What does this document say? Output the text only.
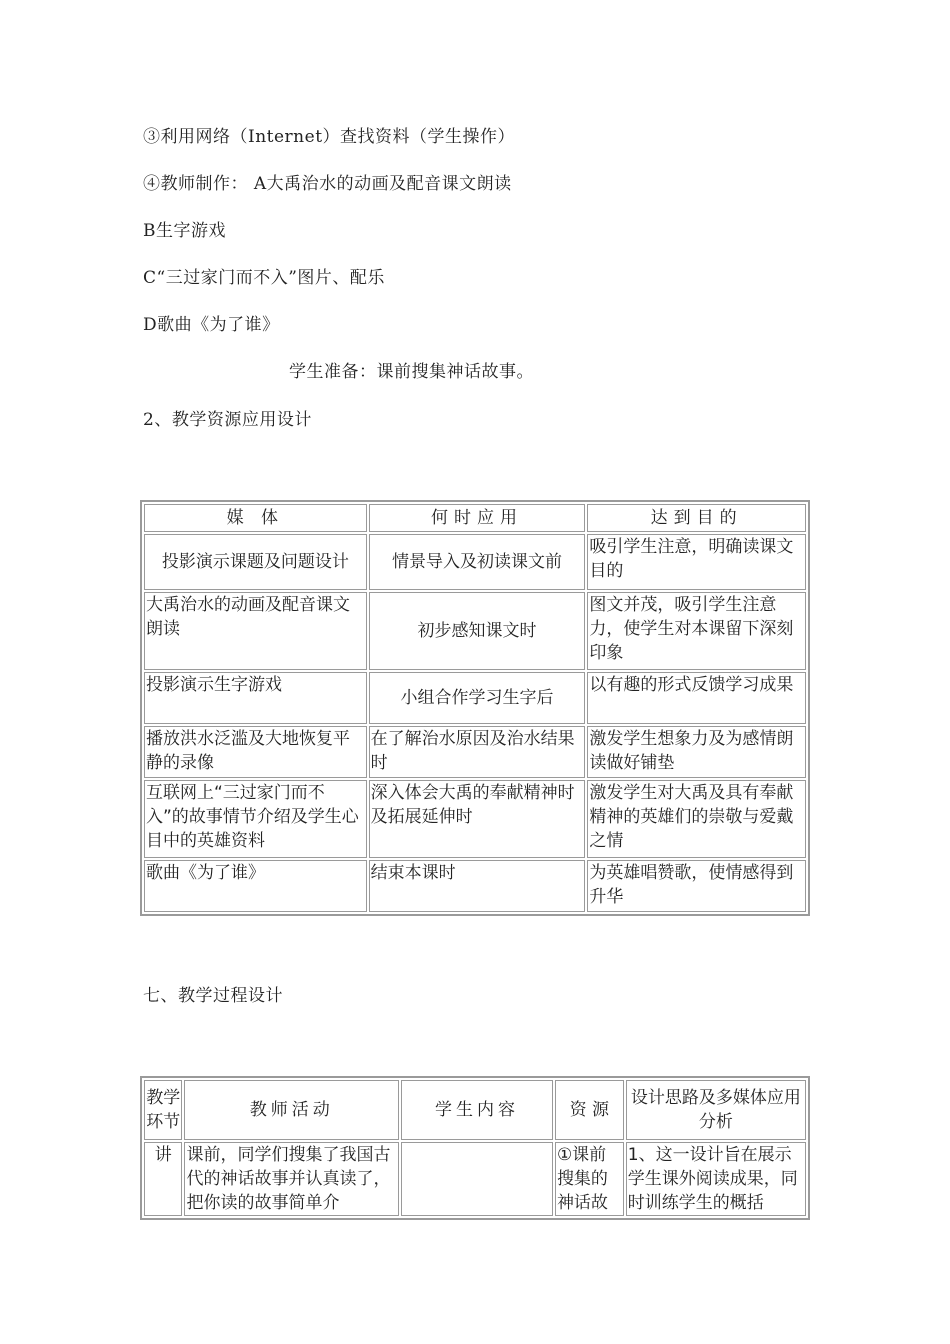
③利用网络（Internet）查找资料（学生操作）
④教师制作： A大禹治水的动画及配音课文朗读
B生字游戏
C“三过家门而不入”图片、配乐
D歌曲《为了谁》
学生准备：课前搜集神话故事。
2、教学资源应用设计
媒 体	何时应用	达到目的
投影演示课题及问题设计	情景导入及初读课文前	吸引学生注意，明确读课文目的
大禹治水的动画及配音课文朗读	初步感知课文时	图文并茂，吸引学生注意力，使学生对本课留下深刻印象
投影演示生字游戏	小组合作学习生字后	以有趣的形式反馈学习成果
播放洪水泛滥及大地恢复平静的录像	在了解治水原因及治水结果时	激发学生想象力及为感情朗读做好铺垫
互联网上“三过家门而不入”的故事情节介绍及学生心目中的英雄资料	深入体会大禹的奉献精神时及拓展延伸时	激发学生对大禹及具有奉献精神的英雄们的崇敬与爱戴之情
歌曲《为了谁》	结束本课时	为英雄唱赞歌，使情感得到升华
七、教学过程设计
教学环节	教师活动	学生内容	资 源	设计思路及多媒体应用分析
讲	课前，同学们搜集了我国古代的神话故事并认真读了，把你读的故事简单介		①课前搜集的神话故	1、这一设计旨在展示学生课外阅读成果，同时训练学生的概括
